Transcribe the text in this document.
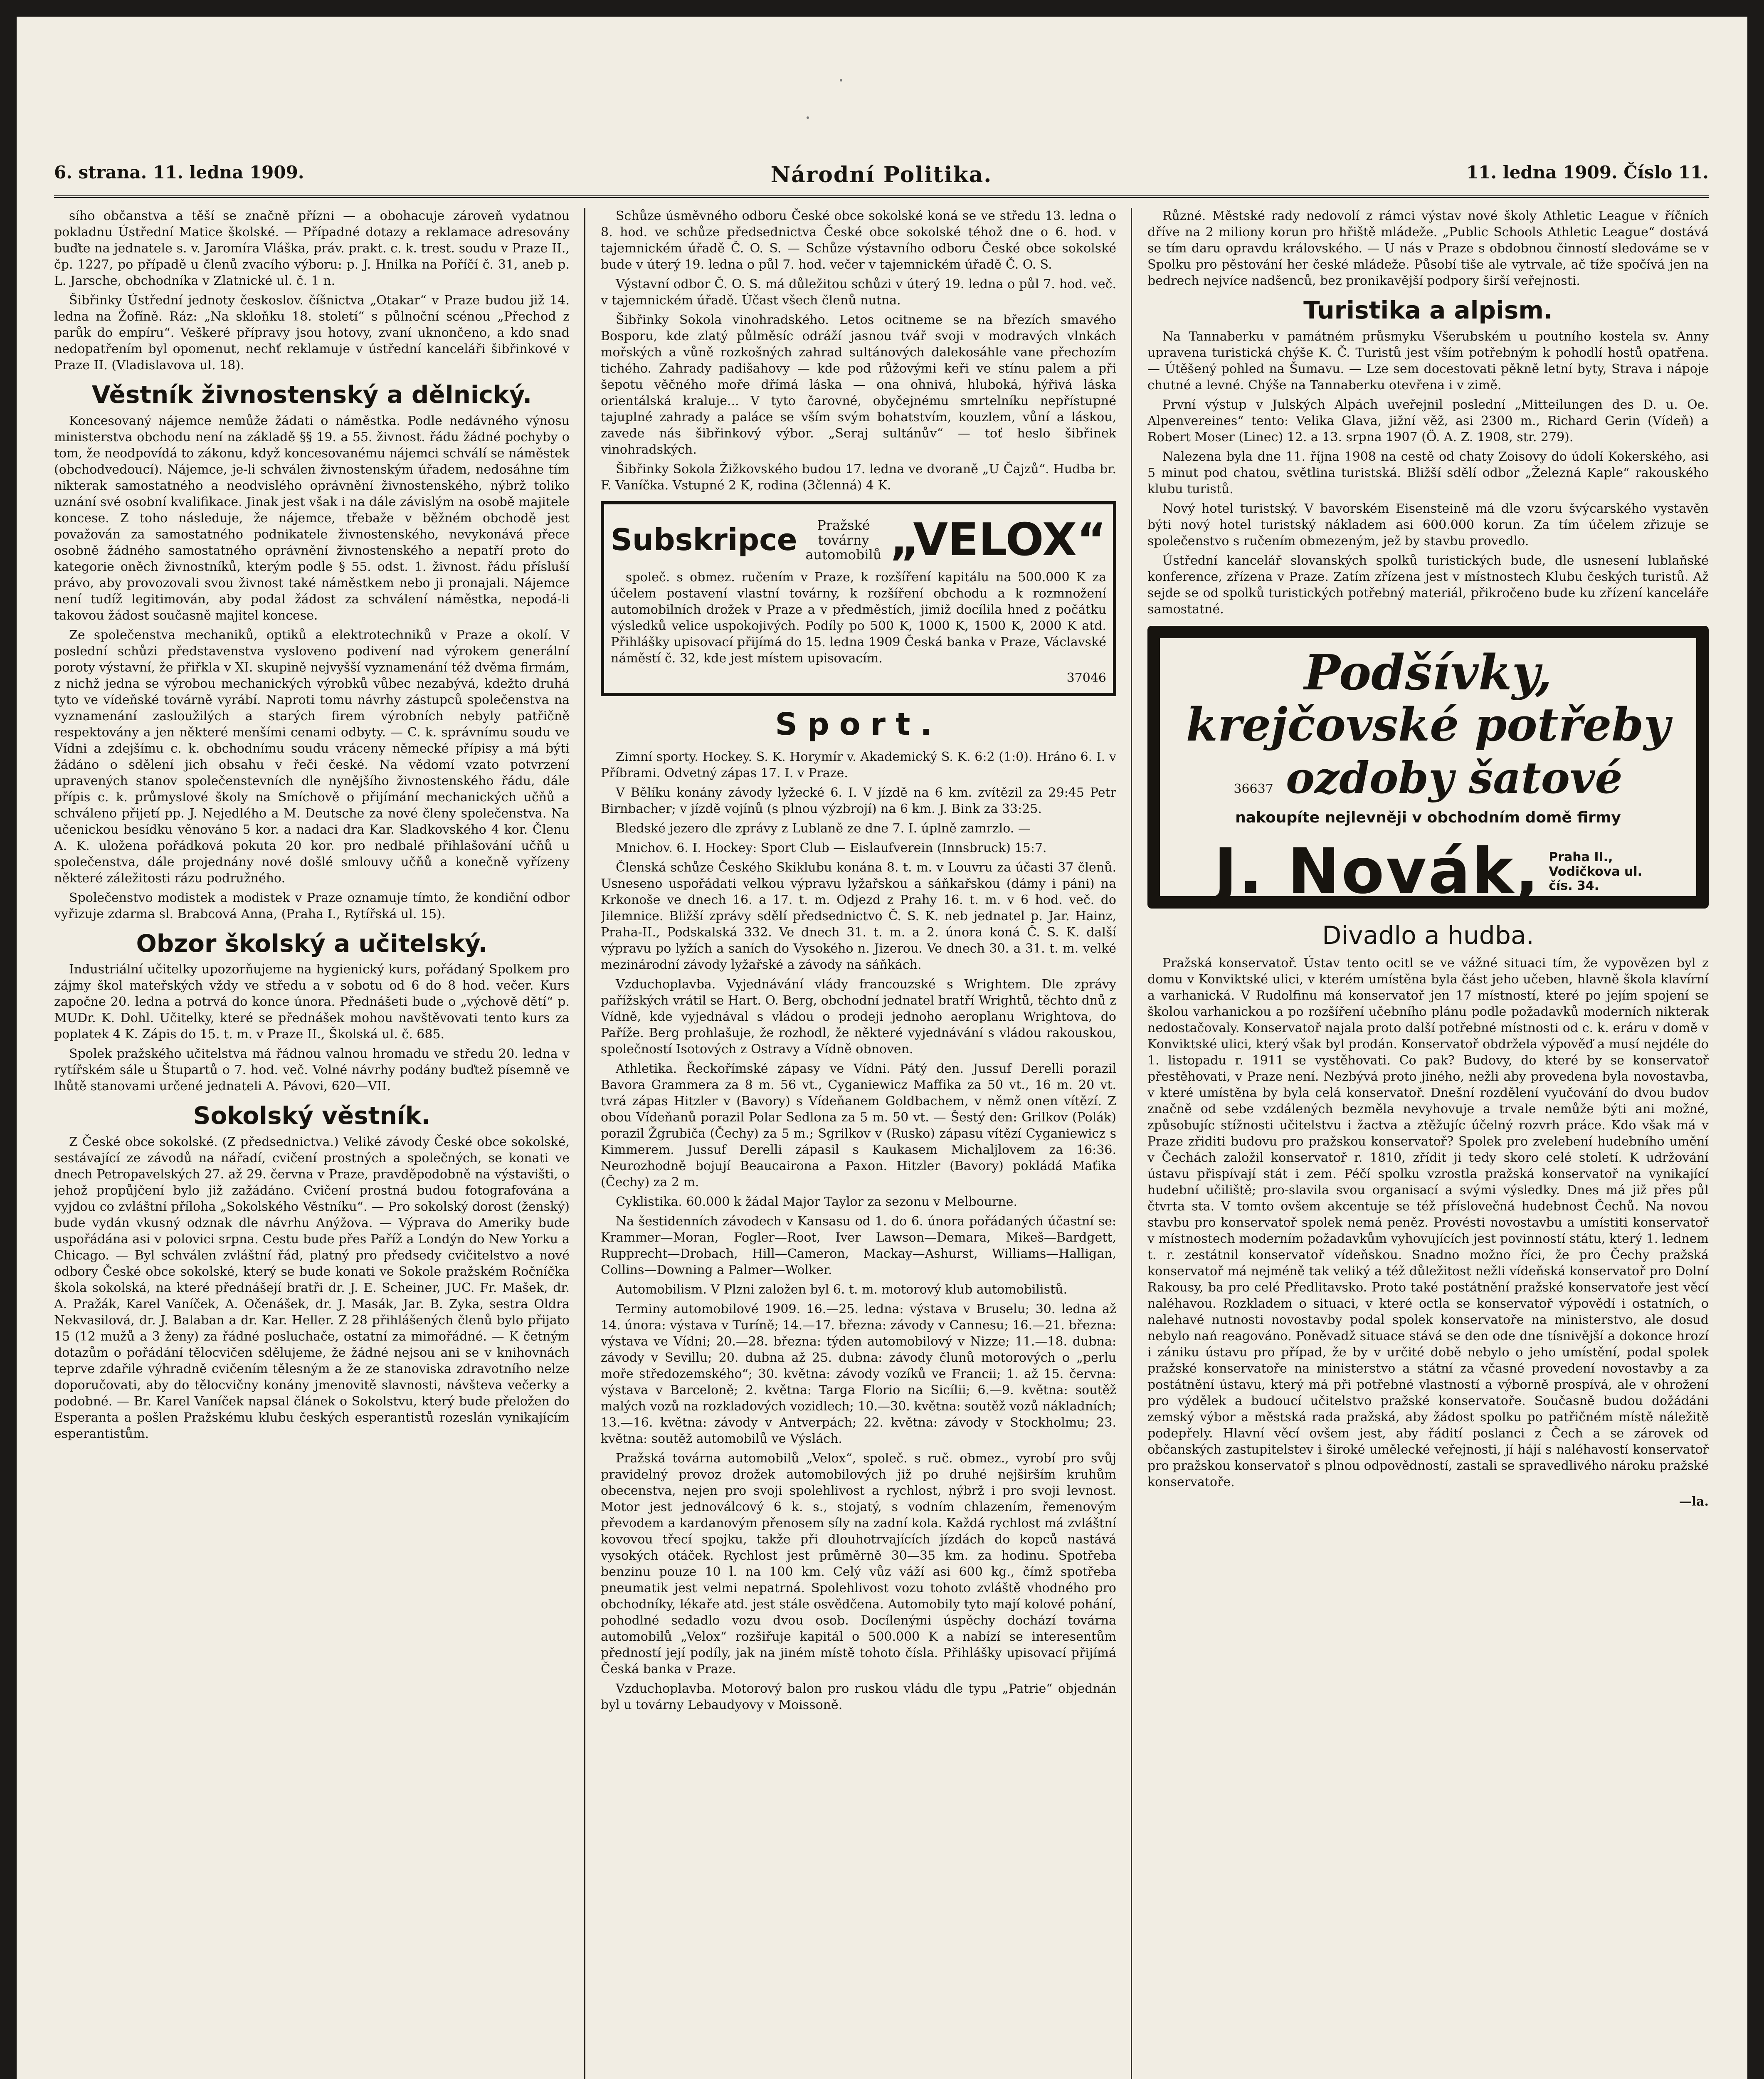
6. strana. 11. ledna 1909.	Národní Politika.	11. ledna 1909. Číslo 11.

sího občanstva a těší se značně přízni — a obohacuje zároveň vydatnou pokladnu Ústřední Matice školské. — Případné dotazy a reklamace adresovány buďte na jednatele s. v. Jaromíra Vláška, práv. prakt. c. k. trest. soudu v Praze II., čp. 1227, po případě u členů zvacího výboru: p. J. Hnilka na Poříčí č. 31, aneb p. L. Jarsche, obchodníka v Zlatnické ul. č. 1 n.

Šibřinky Ústřední jednoty českoslov. číšnictva „Otakar“ v Praze budou již 14. ledna na Žofíně. Ráz: „Na skloňku 18. století“ s půlnoční scénou „Přechod z parůk do empíru“. Veškeré přípravy jsou hotovy, zvaní uknončeno, a kdo snad nedopatřením byl opomenut, nechť reklamuje v ústřední kanceláři šibřinkové v Praze II. (Vladislavova ul. 18).

Věstník živnostenský a dělnický.

Koncesovaný nájemce nemůže žádati o náměstka. Podle nedávného výnosu ministerstva obchodu není na základě §§ 19. a 55. živnost. řádu žádné pochyby o tom, že neodpovídá to zákonu, když koncesovanému nájemci schválí se náměstek (obchodvedoucí). Nájemce, je-li schválen živnostenským úřadem, nedosáhne tím nikterak samostatného a neodvislého oprávnění živnostenského, nýbrž toliko uznání své osobní kvalifikace. Jinak jest však i na dále závislým na osobě majitele koncese. Z toho následuje, že nájemce, třebaže v běžném obchodě jest považován za samostatného podnikatele živnostenského, nevykonává přece osobně žádného samostatného oprávnění živnostenského a nepatří proto do kategorie oněch živnostníků, kterým podle § 55. odst. 1. živnost. řádu přísluší právo, aby provozovali svou živnost také náměstkem nebo ji pronajali. Nájemce není tudíž legitimován, aby podal žádost za schválení náměstka, nepodá-li takovou žádost současně majitel koncese.

Ze společenstva mechaniků, optiků a elektrotechniků v Praze a okolí. V poslední schůzi představenstva vysloveno podivení nad výrokem generální poroty výstavní, že přiřkla v XI. skupině nejvyšší vyznamenání též dvěma firmám, z nichž jedna se výrobou mechanických výrobků vůbec nezabývá, kdežto druhá tyto ve vídeňské továrně vyrábí. Naproti tomu návrhy zástupců společenstva na vyznamenání zasloužilých a starých firem výrobních nebyly patřičně respektovány a jen některé menšími cenami odbyty. — C. k. správnímu soudu ve Vídni a zdejšímu c. k. obchodnímu soudu vráceny německé přípisy a má býti žádáno o sdělení jich obsahu v řeči české. Na vědomí vzato potvrzení upravených stanov společenstevních dle nynějšího živnostenského řádu, dále přípis c. k. průmyslové školy na Smíchově o přijímání mechanických učňů a schváleno přijetí pp. J. Nejedlého a M. Deutsche za nové členy společenstva. Na učenickou besídku věnováno 5 kor. a nadaci dra Kar. Sladkovského 4 kor. Členu A. K. uložena pořádková pokuta 20 kor. pro nedbalé přihlašování učňů u společenstva, dále projednány nové došlé smlouvy učňů a konečně vyřízeny některé záležitosti rázu podružného.

Společenstvo modistek a modistek v Praze oznamuje tímto, že kondiční odbor vyřizuje zdarma sl. Brabcová Anna, (Praha I., Rytířská ul. 15).

Obzor školský a učitelský.

Industriální učitelky upozorňujeme na hygienický kurs, pořádaný Spolkem pro zájmy škol mateřských vždy ve středu a v sobotu od 6 do 8 hod. večer. Kurs započne 20. ledna a potrvá do konce února. Přednášeti bude o „výchově dětí“ p. MUDr. K. Dohl. Učitelky, které se přednášek mohou navštěvovati tento kurs za poplatek 4 K. Zápis do 15. t. m. v Praze II., Školská ul. č. 685.

Spolek pražského učitelstva má řádnou valnou hromadu ve středu 20. ledna v rytířském sále u Štupartů o 7. hod. več. Volné návrhy podány buďtež písemně ve lhůtě stanovami určené jednateli A. Pávovi, 620—VII.

Sokolský věstník.

Z České obce sokolské. (Z předsednictva.) Veliké závody České obce sokolské, sestávající ze závodů na nářadí, cvičení prostných a společných, se konati ve dnech Petropavelských 27. až 29. června v Praze, pravděpodobně na výstavišti, o jehož propůjčení bylo již zažádáno. Cvičení prostná budou fotografována a vyjdou co zvláštní příloha „Sokolského Věstníku“. — Pro sokolský dorost (ženský) bude vydán vkusný odznak dle návrhu Anýžova. — Výprava do Ameriky bude uspořádána asi v polovici srpna. Cestu bude přes Paříž a Londýn do New Yorku a Chicago. — Byl schválen zvláštní řád, platný pro předsedy cvičitelstvo a nové odbory České obce sokolské, který se bude konati ve Sokole pražském Ročníčka škola sokolská, na které přednášejí bratři dr. J. E. Scheiner, JUC. Fr. Mašek, dr. A. Pražák, Karel Vaníček, A. Očenášek, dr. J. Masák, Jar. B. Zyka, sestra Oldra Nekvasilová, dr. J. Balaban a dr. Kar. Heller. Z 28 přihlášených členů bylo přijato 15 (12 mužů a 3 ženy) za řádné posluchače, ostatní za mimořádné. — K četným dotazům o pořádání tělocvičen sdělujeme, že žádné nejsou ani se v knihovnách teprve zdařile výhradně cvičením tělesným a že ze stanoviska zdravotního nelze doporučovati, aby do tělocvičny konány jmenovitě slavnosti, návšteva večerky a podobné. — Br. Karel Vaníček napsal článek o Sokolstvu, který bude přeložen do Esperanta a pošlen Pražskému klubu českých esperantistů rozeslán vynikajícím esperantistům.

Schůze úsměvného odboru České obce sokolské koná se ve středu 13. ledna o 8. hod. ve schůze předsednictva České obce sokolské téhož dne o 6. hod. v tajemnickém úřadě Č. O. S. — Schůze výstavního odboru České obce sokolské bude v úterý 19. ledna o půl 7. hod. večer v tajemnickém úřadě Č. O. S.

Výstavní odbor Č. O. S. má důležitou schůzi v úterý 19. ledna o půl 7. hod. več. v tajemnickém úřadě. Účast všech členů nutna.

Šibřinky Sokola vinohradského. Letos ocitneme se na březích smavého Bosporu, kde zlatý půlměsíc odráží jasnou tvář svoji v modravých vlnkách mořských a vůně rozkošných zahrad sultánových dalekosáhle vane přechozím tichého. Zahrady padišahovy — kde pod růžovými keři ve stínu palem a při šepotu věčného moře dřímá láska — ona ohnivá, hluboká, hýřivá láska orientálská kraluje... V tyto čarovné, obyčejnému smrtelníku nepřístupné tajuplné zahrady a paláce se vším svým bohatstvím, kouzlem, vůní a láskou, zavede nás šibřinkový výbor. „Seraj sultánův“ — toť heslo šibřinek vinohradských.

Šibřinky Sokola Žižkovského budou 17. ledna ve dvoraně „U Čajzů“. Hudba br. F. Vaníčka. Vstupné 2 K, rodina (3členná) 4 K.

Subskripce	Pražské továrny
automobilů „VELOX“

společ. s obmez. ručením v Praze, k rozšíření kapitálu na 500.000 K za účelem postavení vlastní továrny, k rozšíření obchodu a k rozmnožení automobilních drožek v Praze a v předměstích, jimiž docílila hned z počátku výsledků velice uspokojivých. Podíly po 500 K, 1000 K, 1500 K, 2000 K atd. Přihlášky upisovací přijímá do 15. ledna 1909 Česká banka v Praze, Václavské náměstí č. 32, kde jest místem upisovacím.

37046
Sport.

Zimní sporty. Hockey. S. K. Horymír v. Akademický S. K. 6:2 (1:0). Hráno 6. I. v Příbrami. Odvetný zápas 17. I. v Praze.

V Bělíku konány závody lyžecké 6. I. V jízdě na 6 km. zvítězil za 29:45 Petr Birnbacher; v jízdě vojínů (s plnou výzbrojí) na 6 km. J. Bink za 33:25.

Bledské jezero dle zprávy z Lublaně ze dne 7. I. úplně zamrzlo. —

Mnichov. 6. I. Hockey: Sport Club — Eislaufverein (Innsbruck) 15:7.

Členská schůze Českého Skiklubu konána 8. t. m. v Louvru za účasti 37 členů. Usneseno uspořádati velkou výpravu lyžařskou a sáňkařskou (dámy i páni) na Krkonoše ve dnech 16. a 17. t. m. Odjezd z Prahy 16. t. m. v 6 hod. več. do Jilemnice. Bližší zprávy sdělí předsednictvo Č. S. K. neb jednatel p. Jar. Hainz, Praha-II., Podskalská 332. Ve dnech 31. t. m. a 2. února koná Č. S. K. další výpravu po lyžích a saních do Vysokého n. Jizerou. Ve dnech 30. a 31. t. m. velké mezinárodní závody lyžařské a závody na sáňkách.

Vzduchoplavba. Vyjednávání vlády francouzské s Wrightem. Dle zprávy pařížských vrátil se Hart. O. Berg, obchodní jednatel bratří Wrightů, těchto dnů z Vídně, kde vyjednával s vládou o prodeji jednoho aeroplanu Wrightova, do Paříže. Berg prohlašuje, že rozhodl, že některé vyjednávání s vládou rakouskou, společností Isotových z Ostravy a Vídně obnoven.

Athletika. Řeckořímské zápasy ve Vídni. Pátý den. Jussuf Derelli porazil Bavora Grammera za 8 m. 56 vt., Cyganiewicz Maffika za 50 vt., 16 m. 20 vt. tvrá zápas Hitzler v (Bavory) s Vídeňanem Goldbachem, v němž onen vítězí. Z obou Vídeňanů porazil Polar Sedlona za 5 m. 50 vt. — Šestý den: Grilkov (Polák) porazil Žgrubiča (Čechy) za 5 m.; Sgrilkov v (Rusko) zápasu vítězí Cyganiewicz s Kimmerem. Jussuf Derelli zápasil s Kaukasem Michaljlovem za 16:36. Neurozhodně bojují Beaucairona a Paxon. Hitzler (Bavory) pokládá Maťika (Čechy) za 2 m.

Cyklistika. 60.000 k žádal Major Taylor za sezonu v Melbourne.

Na šestidenních závodech v Kansasu od 1. do 6. února pořádaných účastní se: Krammer—Moran, Fogler—Root, Iver Lawson—Demara, Mikeš—Bardgett, Rupprecht—Drobach, Hill—Cameron, Mackay—Ashurst, Williams—Halligan, Collins—Downing a Palmer—Wolker.

Automobilism. V Plzni založen byl 6. t. m. motorový klub automobilistů.

Terminy automobilové 1909. 16.—25. ledna: výstava v Bruselu; 30. ledna až 14. února: výstava v Turíně; 14.—17. března: závody v Cannesu; 16.—21. března: výstava ve Vídni; 20.—28. března: týden automobilový v Nizze; 11.—18. dubna: závody v Sevillu; 20. dubna až 25. dubna: závody člunů motorových o „perlu moře středozemského“; 30. května: závody vozíků ve Francii; 1. až 15. června: výstava v Barceloně; 2. května: Targa Florio na Sicílii; 6.—9. května: soutěž malých vozů na rozkladových vozidlech; 10.—30. května: soutěž vozů nákladních; 13.—16. května: závody v Antverpách; 22. května: závody v Stockholmu; 23. května: soutěž automobilů ve Výslách.

Pražská továrna automobilů „Velox“, společ. s ruč. obmez., vyrobí pro svůj pravidelný provoz drožek automobilových již po druhé nejširším kruhům obecenstva, nejen pro svoji spolehlivost a rychlost, nýbrž i pro svoji levnost. Motor jest jednoválcový 6 k. s., stojatý, s vodním chlazením, řemenovým převodem a kardanovým přenosem síly na zadní kola. Každá rychlost má zvláštní kovovou třecí spojku, takže při dlouhotrvajících jízdách do kopců nastává vysokých otáček. Rychlost jest průměrně 30—35 km. za hodinu. Spotřeba benzinu pouze 10 l. na 100 km. Celý vůz váží asi 600 kg., čímž spotřeba pneumatik jest velmi nepatrná. Spolehlivost vozu tohoto zvláště vhodného pro obchodníky, lékaře atd. jest stále osvědčena. Automobily tyto mají kolové pohání, pohodlné sedadlo vozu dvou osob. Docílenými úspěchy dochází továrna automobilů „Velox“ rozšiřuje kapitál o 500.000 K a nabízí se interesentům předností její podíly, jak na jiném místě tohoto čísla. Přihlášky upisovací přijímá Česká banka v Praze.

Vzduchoplavba. Motorový balon pro ruskou vládu dle typu „Patrie“ objednán byl u továrny Lebaudyovy v Moissoně.

Různé. Městské rady nedovolí z rámci výstav nové školy Athletic League v říčních dříve na 2 miliony korun pro hřiště mládeže. „Public Schools Athletic League“ dostává se tím daru opravdu královského. — U nás v Praze s obdobnou činností sledováme se v Spolku pro pěstování her české mládeže. Působí tiše ale vytrvale, ač tíže spočívá jen na bedrech nejvíce nadšenců, bez pronikavější podpory širší veřejnosti.

Turistika a alpism.

Na Tannaberku v památném průsmyku Všerubském u poutního kostela sv. Anny upravena turistická chýše K. Č. Turistů jest vším potřebným k pohodlí hostů opatřena. — Útěšený pohled na Šumavu. — Lze sem docestovati pěkně letní byty, Strava i nápoje chutné a levné. Chýše na Tannaberku otevřena i v zimě.

První výstup v Julských Alpách uveřejnil poslední „Mitteilungen des D. u. Oe. Alpenvereines“ tento: Velika Glava, jižní věž, asi 2300 m., Richard Gerin (Vídeň) a Robert Moser (Linec) 12. a 13. srpna 1907 (Ö. A. Z. 1908, str. 279).

Nalezena byla dne 11. října 1908 na cestě od chaty Zoisovy do údolí Kokerského, asi 5 minut pod chatou, světlina turistská. Bližší sdělí odbor „Železná Kaple“ rakouského klubu turistů.

Nový hotel turistský. V bavorském Eisensteině má dle vzoru švýcarského vystavěn býti nový hotel turistský nákladem asi 600.000 korun. Za tím účelem zřizuje se společenstvo s ručením obmezeným, jež by stavbu provedlo.

Ústřední kancelář slovanských spolků turistických bude, dle usnesení lublaňské konference, zřízena v Praze. Zatím zřízena jest v místnostech Klubu českých turistů. Až sejde se od spolků turistických potřebný materiál, přikročeno bude ku zřízení kanceláře samostatné.

Podšívky,
krejčovské potřeby
36637 ozdoby šatové
nakoupíte nejlevněji v obchodním domě firmy
J. Novák, Praha II.,
Vodičkova ul.
čís. 34.
Divadlo a hudba.

Pražská konservatoř. Ústav tento ocitl se ve vážné situaci tím, že vypovězen byl z domu v Konviktské ulici, v kterém umístěna byla část jeho učeben, hlavně škola klavírní a varhanická. V Rudolfinu má konservatoř jen 17 místností, které po jejím spojení se školou varhanickou a po rozšíření učebního plánu podle požadavků moderních nikterak nedostačovaly. Konservatoř najala proto další potřebné místnosti od c. k. eráru v domě v Konviktské ulici, který však byl prodán. Konservatoř obdržela výpověď a musí nejdéle do 1. listopadu r. 1911 se vystěhovati. Co pak? Budovy, do které by se konservatoř přestěhovati, v Praze není. Nezbývá proto jiného, nežli aby provedena byla novostavba, v které umístěna by byla celá konservatoř. Dnešní rozdělení vyučování do dvou budov značně od sebe vzdálených bezměla nevyhovuje a trvale nemůže býti ani možné, způsobujíc stížnosti učitelstvu i žactva a ztěžujíc účelný rozvrh práce. Kdo však má v Praze zřiditi budovu pro pražskou konservatoř? Spolek pro zvelebení hudebního umění v Čechách založil konservatoř r. 1810, zřídit ji tedy skoro celé století. K udržování ústavu přispívají stát i zem. Péčí spolku vzrostla pražská konservatoř na vynikající hudební učiliště; pro-slavila svou organisací a svými výsledky. Dnes má již přes půl čtvrta sta. V tomto ovšem akcentuje se též příslovečná hudebnost Čechů. Na novou stavbu pro konservatoř spolek nemá peněz. Provésti novostavbu a umístiti konservatoř v místnostech moderním požadavkům vyhovujících jest povinností státu, který 1. lednem t. r. zestátnil konservatoř vídeňskou. Snadno možno říci, že pro Čechy pražská konservatoř má nejméně tak veliký a též důležitost nežli vídeňská konservatoř pro Dolní Rakousy, ba pro celé Předlitavsko. Proto také postátnění pražské konservatoře jest věcí naléhavou. Rozkladem o situaci, v které octla se konservatoř výpovědí i ostatních, o nalehavé nutnosti novostavby podal spolek konservatoře na ministerstvo, ale dosud nebylo nań reagováno. Poněvadž situace stává se den ode dne tísnivější a dokonce hrozí i zániku ústavu pro případ, že by v určité době nebylo o jeho umístění, podal spolek pražské konservatoře na ministerstvo a státní za včasné provedení novostavby a za postátnění ústavu, který má při potřebné vlastností a výborně prospívá, ale v ohrožení pro výdělek a budoucí učitelstvo pražské konservatoře. Současně budou dožádáni zemský výbor a městská rada pražská, aby žádost spolku po patřičném místě náležitě podepřely. Hlavní věcí ovšem jest, aby řádití poslanci z Čech a se zárovek od občanských zastupitelstev i široké umělecké veřejnosti, jí hájí s naléhavostí konservatoř pro pražskou konservatoř s plnou odpovědností, zastali se spravedlivého nároku pražské konservatoře.

—la.
